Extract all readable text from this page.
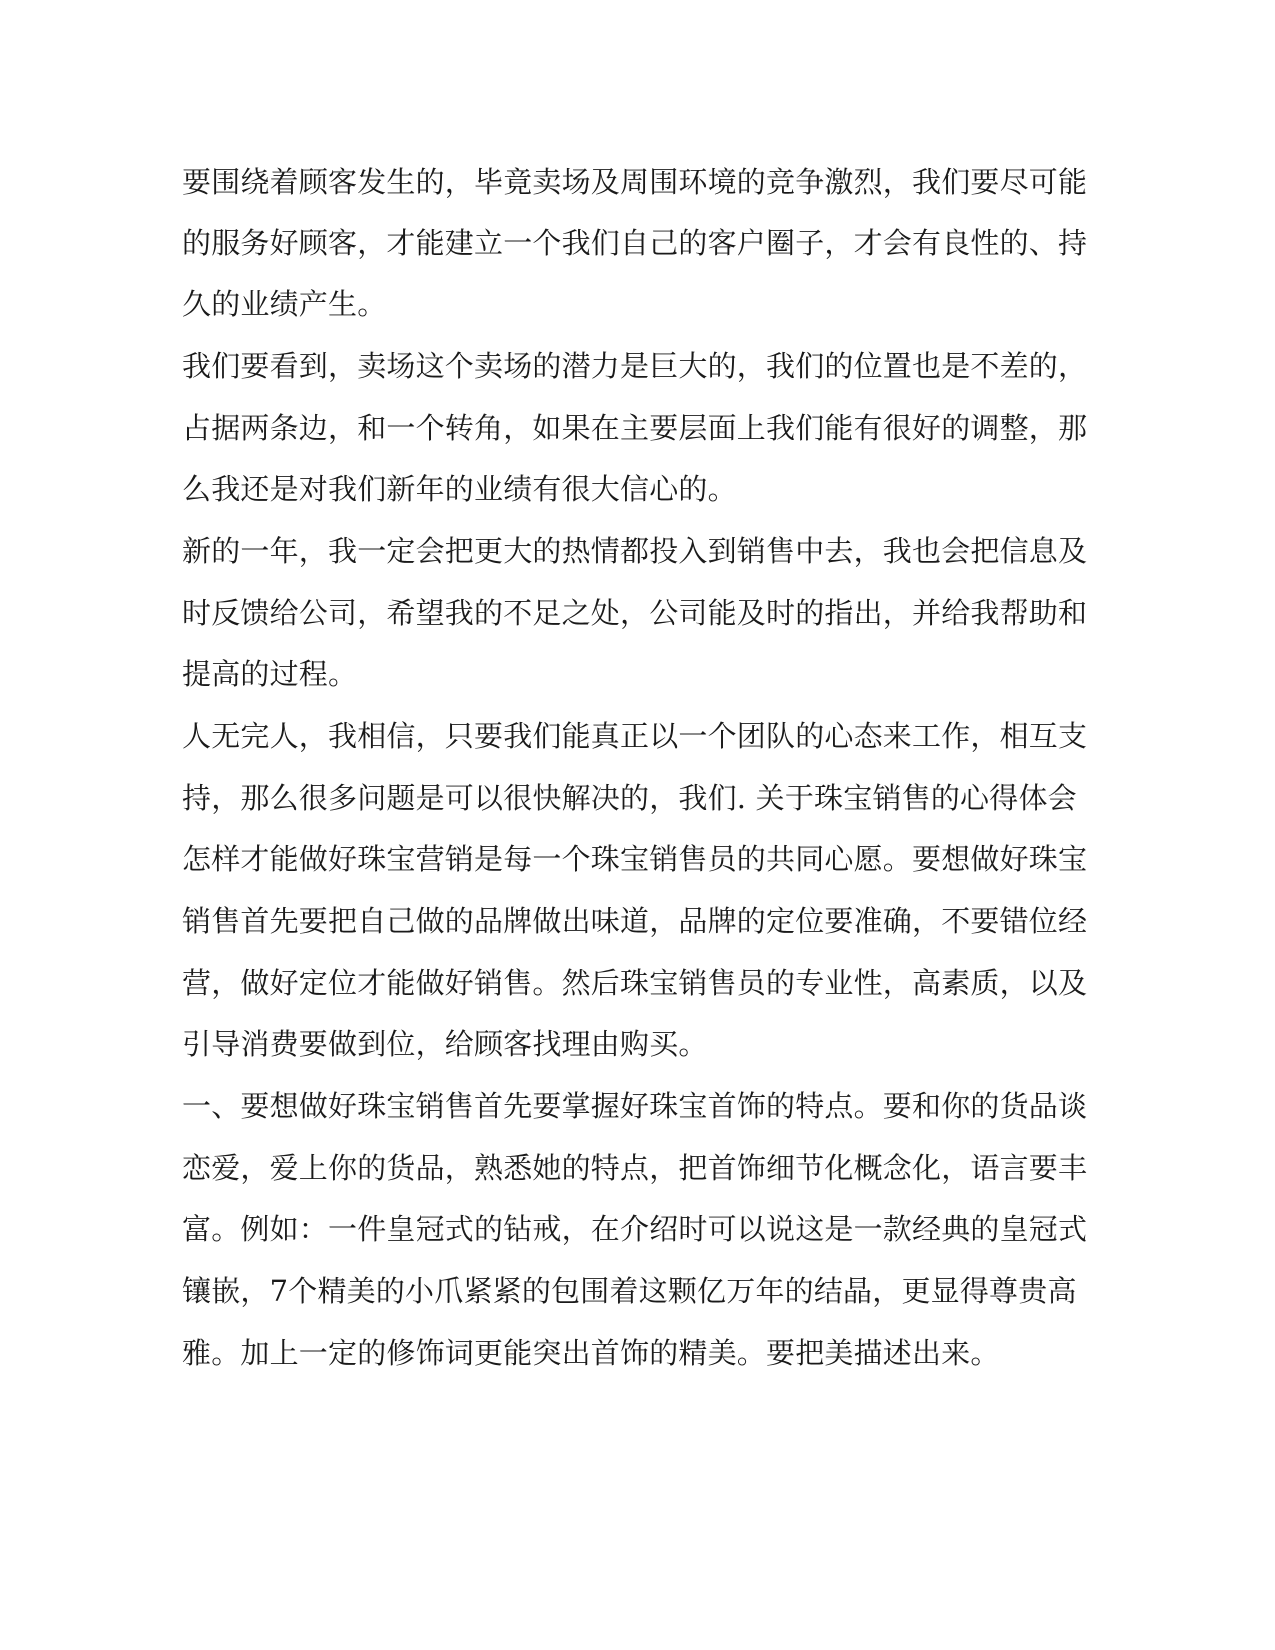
要围绕着顾客发生的，毕竟卖场及周围环境的竞争激烈，我们要尽可能

的服务好顾客，才能建立一个我们自己的客户圈子，才会有良性的、持

久的业绩产生。

我们要看到，卖场这个卖场的潜力是巨大的，我们的位置也是不差的，

占据两条边，和一个转角，如果在主要层面上我们能有很好的调整，那

么我还是对我们新年的业绩有很大信心的。

新的一年，我一定会把更大的热情都投入到销售中去，我也会把信息及

时反馈给公司，希望我的不足之处，公司能及时的指出，并给我帮助和

提高的过程。

人无完人，我相信，只要我们能真正以一个团队的心态来工作，相互支

持，那么很多问题是可以很快解决的，我们. 关于珠宝销售的心得体会

怎样才能做好珠宝营销是每一个珠宝销售员的共同心愿。要想做好珠宝

销售首先要把自己做的品牌做出味道，品牌的定位要准确，不要错位经

营，做好定位才能做好销售。然后珠宝销售员的专业性，高素质，以及

引导消费要做到位，给顾客找理由购买。

一、要想做好珠宝销售首先要掌握好珠宝首饰的特点。要和你的货品谈

恋爱，爱上你的货品，熟悉她的特点，把首饰细节化概念化，语言要丰

富。例如：一件皇冠式的钻戒，在介绍时可以说这是一款经典的皇冠式

镶嵌，7个精美的小爪紧紧的包围着这颗亿万年的结晶，更显得尊贵高

雅。加上一定的修饰词更能突出首饰的精美。要把美描述出来。
